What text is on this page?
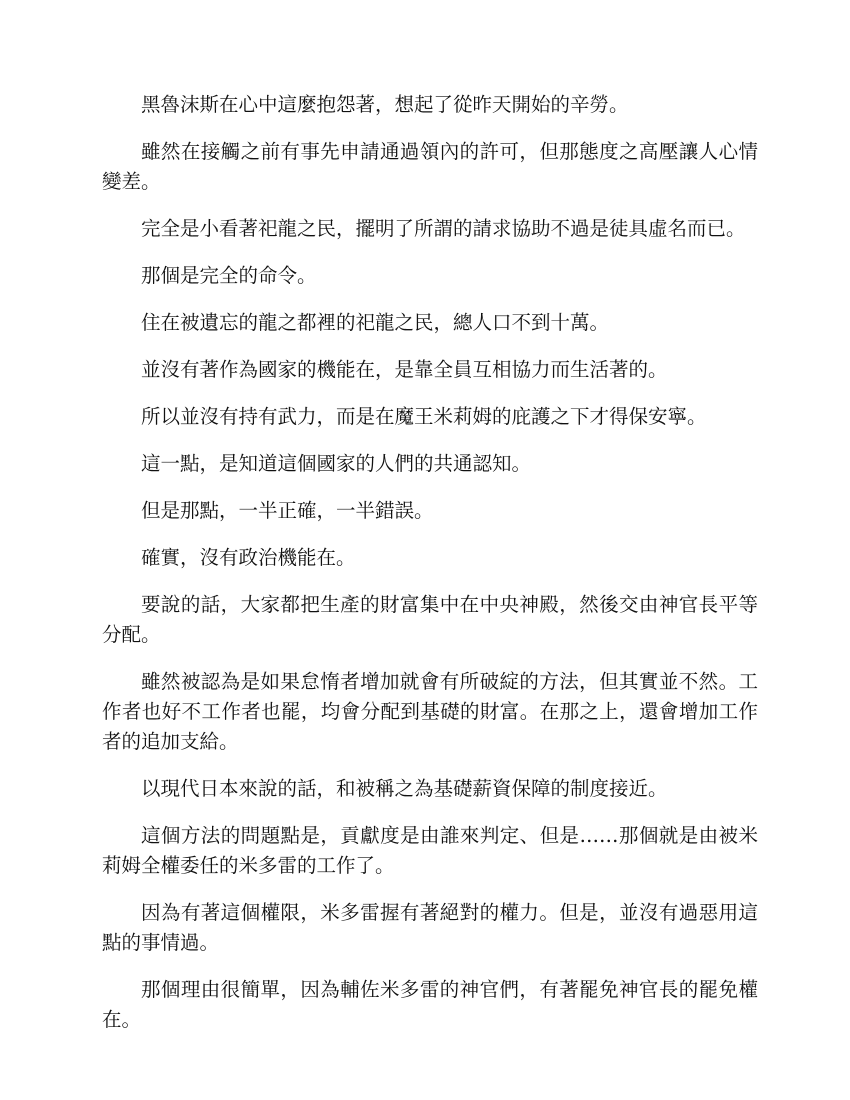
黑魯沫斯在心中這麼抱怨著，想起了從昨天開始的辛勞。

雖然在接觸之前有事先申請通過領內的許可，但那態度之高壓讓人心情變差。

完全是小看著祀龍之民，擺明了所謂的請求協助不過是徒具虛名而已。

那個是完全的命令。

住在被遺忘的龍之都裡的祀龍之民，總人口不到十萬。

並沒有著作為國家的機能在，是靠全員互相協力而生活著的。

所以並沒有持有武力，而是在魔王米莉姆的庇護之下才得保安寧。

這一點，是知道這個國家的人們的共通認知。

但是那點，一半正確，一半錯誤。

確實，沒有政治機能在。

要說的話，大家都把生產的財富集中在中央神殿，然後交由神官長平等分配。

雖然被認為是如果怠惰者增加就會有所破綻的方法，但其實並不然。工作者也好不工作者也罷，均會分配到基礎的財富。在那之上，還會增加工作者的追加支給。

以現代日本來說的話，和被稱之為基礎薪資保障的制度接近。

這個方法的問題點是，貢獻度是由誰來判定、但是……那個就是由被米莉姆全權委任的米多雷的工作了。

因為有著這個權限，米多雷握有著絕對的權力。但是，並沒有過惡用這點的事情過。

那個理由很簡單，因為輔佐米多雷的神官們，有著罷免神官長的罷免權在。
